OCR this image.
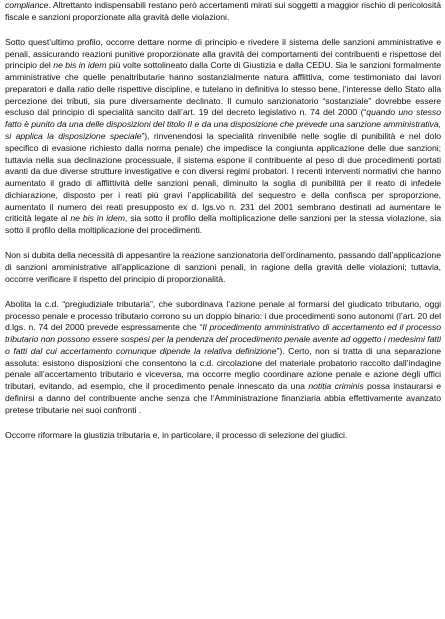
compliance. Altrettanto indispensabili restano però accertamenti mirati sui soggetti a maggior rischio di pericolosità fiscale e sanzioni proporzionate alla gravità delle violazioni.

Sotto quest’ultimo profilo, occorre dettare norme di principio e rivedere il sistema delle sanzioni amministrative e penali, assicurando reazioni punitive proporzionate alla gravità dei comportamenti dei contribuenti e rispettose del principio del ne bis in idem più volte sottolineato dalla Corte di Giustizia e dalla CEDU. Sia le sanzioni formalmente amministrative che quelle penaltributarie hanno sostanzialmente natura afflittiva, come testimoniato dai lavori preparatori e dalla ratio delle rispettive discipline, e tutelano in definitiva lo stesso bene, l’interesse dello Stato alla percezione dei tributi, sia pure diversamente declinato. Il cumulo sanzionatorio “sostanziale” dovrebbe essere escluso dal principio di specialità sancito dall’art. 19 del decreto legislativo n. 74 del 2000 (“quando uno stesso fatto è punito da una delle disposizioni del titolo II e da una disposizione che prevede una sanzione amministrativa, si applica la disposizione speciale”), rinvenendosi la specialità rinvenibile nelle soglie di punibilità e nel dolo specifico di evasione richiesto dalla norma penale) che impedisce la congiunta applicazione delle due sanzioni; tuttavia nella sua declinazione processuale, il sistema espone il contribuente al peso di due procedimenti portati avanti da due diverse strutture investigative e con diversi regimi probatori. I recenti interventi normativi che hanno aumentato il grado di afflittività delle sanzioni penali, diminuito la soglia di punibilità per il reato di infedele dichiarazione, disposto per i reati più gravi l’applicabilità del sequestro e della confisca per sproporzione, aumentato il numero dei reati presupposto ex d. lgs.vo n. 231 del 2001 sembrano destinati ad aumentare le criticità legate al ne bis in idem, sia sotto il profilo della moltiplicazione delle sanzioni per la stessa violazione, sia sotto il profilo della moltiplicazione dei procedimenti.

Non si dubita della necessità di appesantire la reazione sanzionatoria dell’ordinamento, passando dall’applicazione di sanzioni amministrative all’applicazione di sanzioni penali, in ragione della gravità delle violazioni; tuttavia, occorre verificare il rispetto del principio di proporzionalità.

Abolita la c.d. “pregiudiziale tributaria”, che subordinava l’azione penale al formarsi del giudicato tributario, oggi processo penale e processo tributario corrono su un doppio binario: i due procedimenti sono autonomi (l’art. 20 del d.lgs. n. 74 del 2000 prevede espressamente che “Il procedimento amministrativo di accertamento ed il processo tributario non possono essere sospesi per la pendenza del procedimento penale avente ad oggetto i medesimi fatti o fatti dal cui accertamento comunque dipende la relativa definizione”). Certo, non si tratta di una separazione assoluta: esistono disposizioni che consentono la c.d. circolazione del materiale probatorio raccolto dall’indagine penale all’accertamento tributario e viceversa, ma occorre meglio coordinare azione penale e azione degli uffici tributari, evitando, ad esempio, che il procedimento penale innescato da una notitia criminis possa instaurarsi e definirsi a danno del contribuente anche senza che l’Amministrazione finanziaria abbia effettivamente avanzato pretese tributarie nei suoi confronti .

Occorre riformare la giustizia tributaria e, in particolare, il processo di selezione dei giudici.
